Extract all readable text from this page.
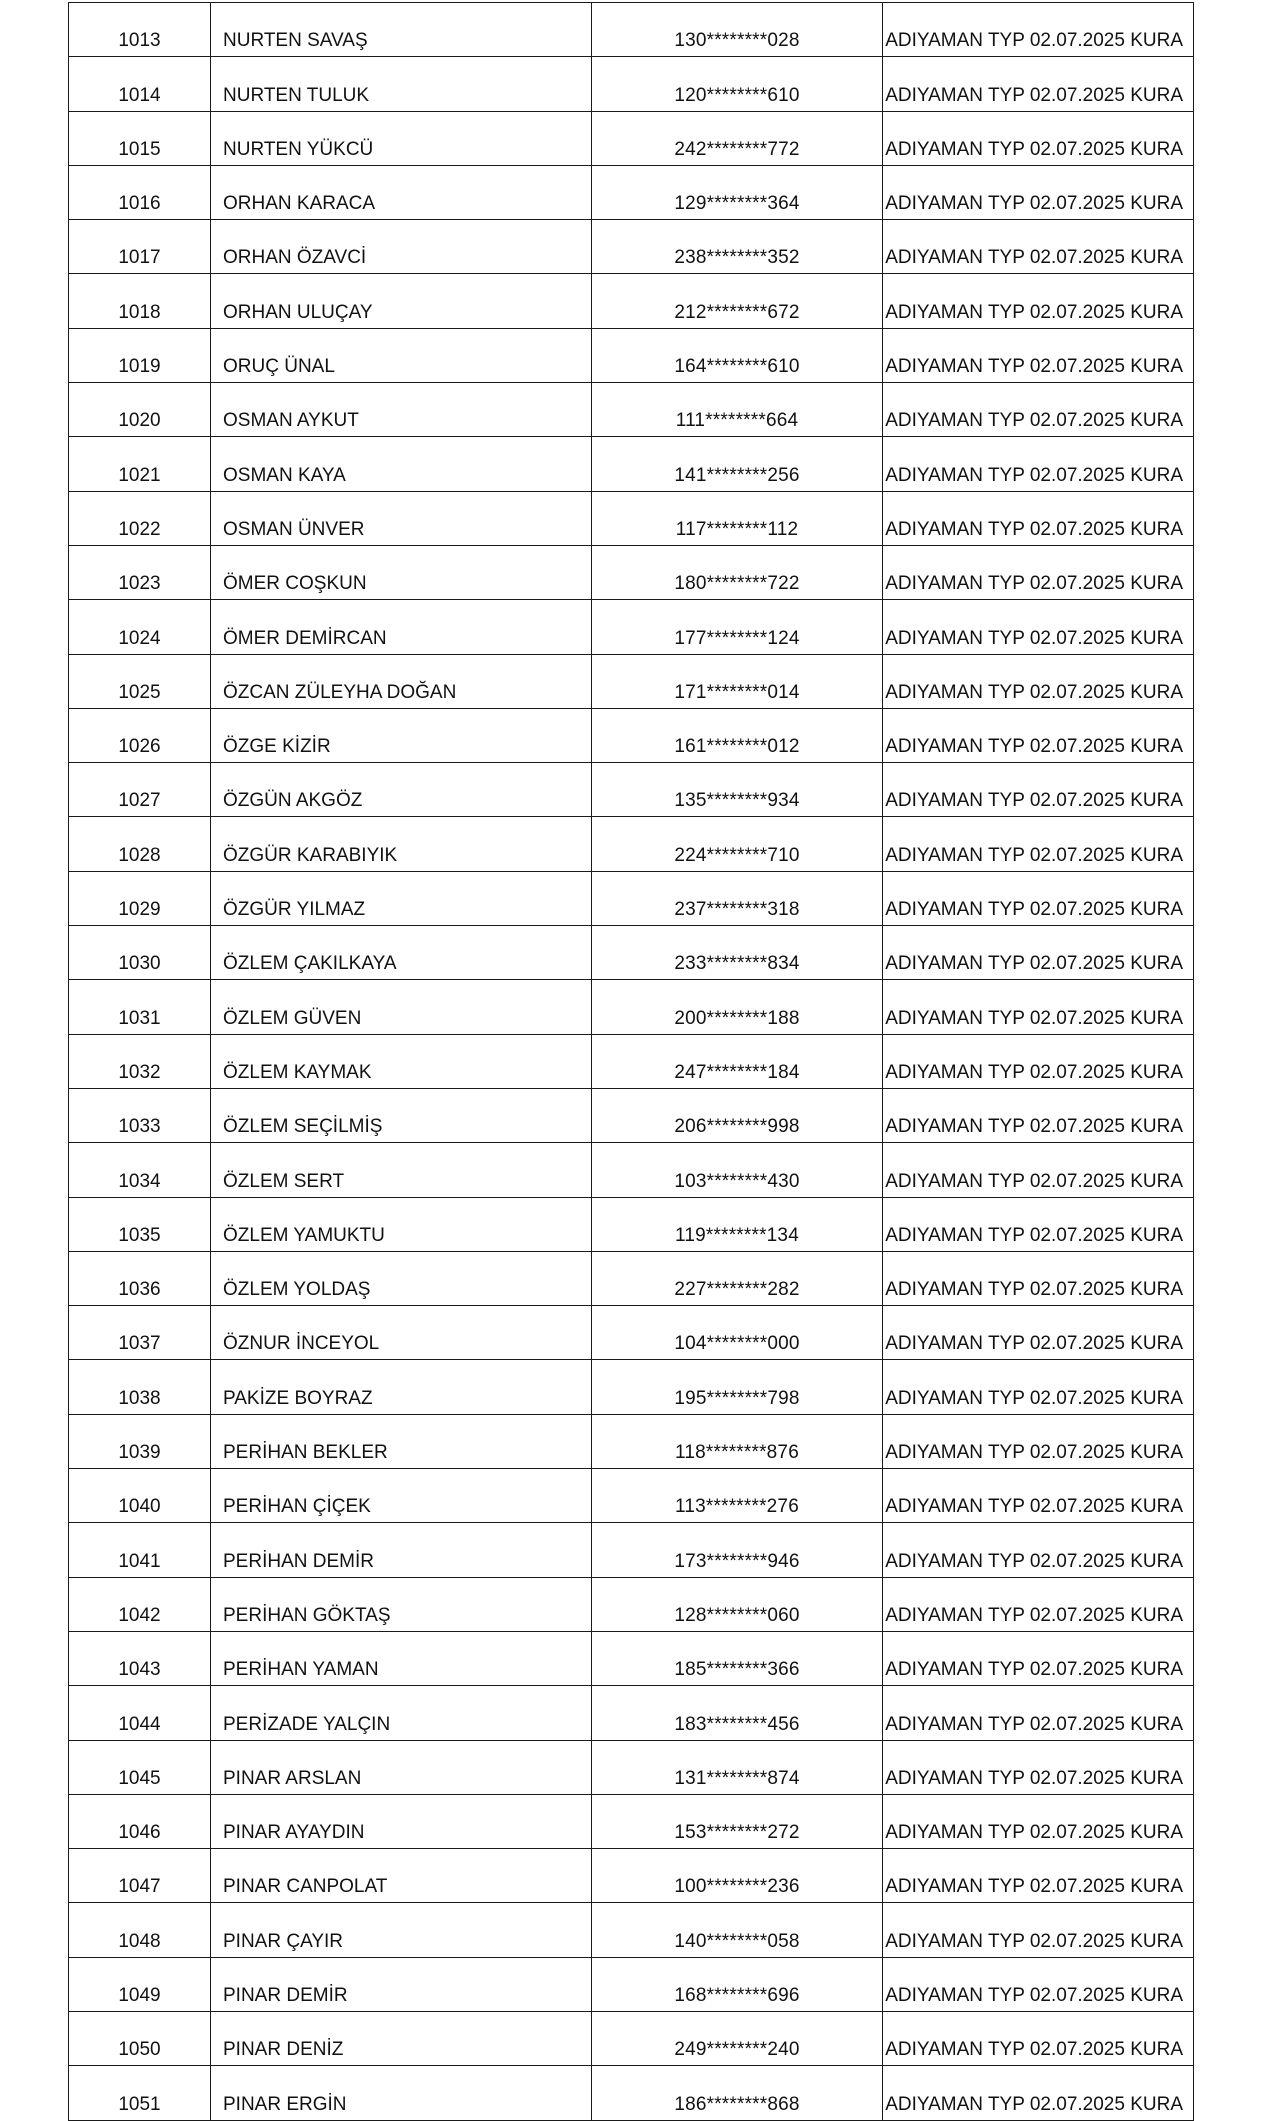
1013	NURTEN SAVAŞ	130********028	ADIYAMAN TYP 02.07.2025 KURA
1014	NURTEN TULUK	120********610	ADIYAMAN TYP 02.07.2025 KURA
1015	NURTEN YÜKCÜ	242********772	ADIYAMAN TYP 02.07.2025 KURA
1016	ORHAN KARACA	129********364	ADIYAMAN TYP 02.07.2025 KURA
1017	ORHAN ÖZAVCİ	238********352	ADIYAMAN TYP 02.07.2025 KURA
1018	ORHAN ULUÇAY	212********672	ADIYAMAN TYP 02.07.2025 KURA
1019	ORUÇ ÜNAL	164********610	ADIYAMAN TYP 02.07.2025 KURA
1020	OSMAN AYKUT	111********664	ADIYAMAN TYP 02.07.2025 KURA
1021	OSMAN KAYA	141********256	ADIYAMAN TYP 02.07.2025 KURA
1022	OSMAN ÜNVER	117********112	ADIYAMAN TYP 02.07.2025 KURA
1023	ÖMER COŞKUN	180********722	ADIYAMAN TYP 02.07.2025 KURA
1024	ÖMER DEMİRCAN	177********124	ADIYAMAN TYP 02.07.2025 KURA
1025	ÖZCAN ZÜLEYHA DOĞAN	171********014	ADIYAMAN TYP 02.07.2025 KURA
1026	ÖZGE KİZİR	161********012	ADIYAMAN TYP 02.07.2025 KURA
1027	ÖZGÜN AKGÖZ	135********934	ADIYAMAN TYP 02.07.2025 KURA
1028	ÖZGÜR KARABIYIK	224********710	ADIYAMAN TYP 02.07.2025 KURA
1029	ÖZGÜR YILMAZ	237********318	ADIYAMAN TYP 02.07.2025 KURA
1030	ÖZLEM ÇAKILKAYA	233********834	ADIYAMAN TYP 02.07.2025 KURA
1031	ÖZLEM GÜVEN	200********188	ADIYAMAN TYP 02.07.2025 KURA
1032	ÖZLEM KAYMAK	247********184	ADIYAMAN TYP 02.07.2025 KURA
1033	ÖZLEM SEÇİLMİŞ	206********998	ADIYAMAN TYP 02.07.2025 KURA
1034	ÖZLEM SERT	103********430	ADIYAMAN TYP 02.07.2025 KURA
1035	ÖZLEM YAMUKTU	119********134	ADIYAMAN TYP 02.07.2025 KURA
1036	ÖZLEM YOLDAŞ	227********282	ADIYAMAN TYP 02.07.2025 KURA
1037	ÖZNUR İNCEYOL	104********000	ADIYAMAN TYP 02.07.2025 KURA
1038	PAKİZE BOYRAZ	195********798	ADIYAMAN TYP 02.07.2025 KURA
1039	PERİHAN BEKLER	118********876	ADIYAMAN TYP 02.07.2025 KURA
1040	PERİHAN ÇİÇEK	113********276	ADIYAMAN TYP 02.07.2025 KURA
1041	PERİHAN DEMİR	173********946	ADIYAMAN TYP 02.07.2025 KURA
1042	PERİHAN GÖKTAŞ	128********060	ADIYAMAN TYP 02.07.2025 KURA
1043	PERİHAN YAMAN	185********366	ADIYAMAN TYP 02.07.2025 KURA
1044	PERİZADE YALÇIN	183********456	ADIYAMAN TYP 02.07.2025 KURA
1045	PINAR ARSLAN	131********874	ADIYAMAN TYP 02.07.2025 KURA
1046	PINAR AYAYDIN	153********272	ADIYAMAN TYP 02.07.2025 KURA
1047	PINAR CANPOLAT	100********236	ADIYAMAN TYP 02.07.2025 KURA
1048	PINAR ÇAYIR	140********058	ADIYAMAN TYP 02.07.2025 KURA
1049	PINAR DEMİR	168********696	ADIYAMAN TYP 02.07.2025 KURA
1050	PINAR DENİZ	249********240	ADIYAMAN TYP 02.07.2025 KURA
1051	PINAR ERGİN	186********868	ADIYAMAN TYP 02.07.2025 KURA
